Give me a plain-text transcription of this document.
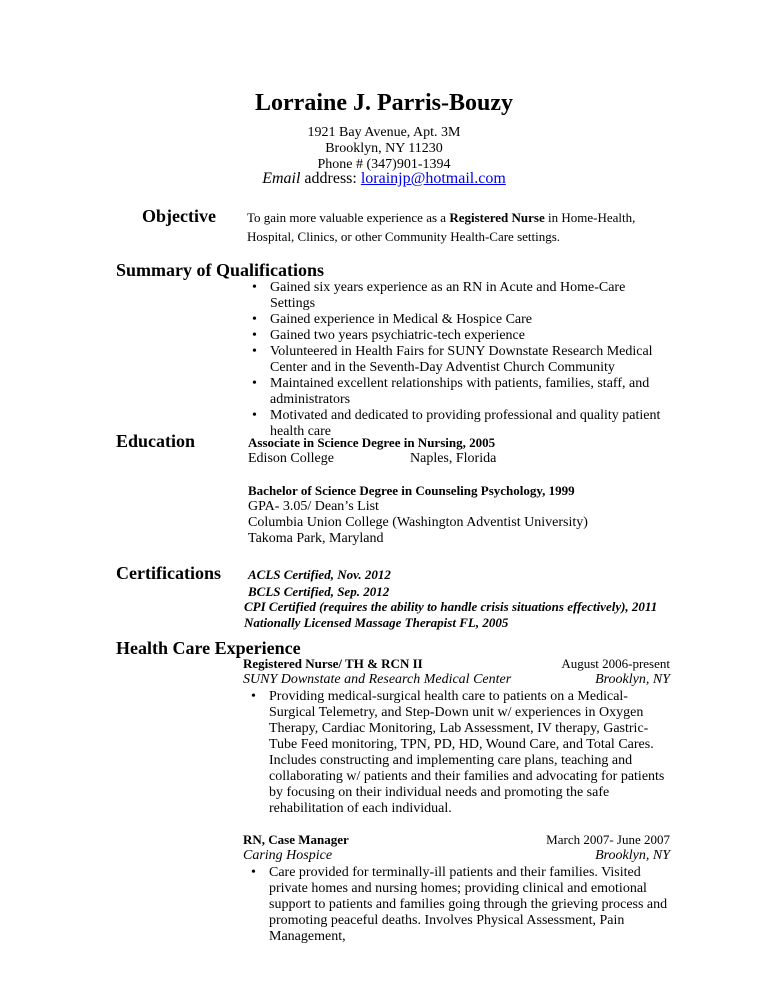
Lorraine J. Parris-Bouzy
1921 Bay Avenue, Apt. 3M
Brooklyn, NY 11230
Phone # (347)901-1394
Email address: lorainjp@hotmail.com
Objective To gain more valuable experience as a Registered Nurse in Home-Health,
Hospital, Clinics, or other Community Health-Care settings.
Summary of Qualifications
• Gained six years experience as an RN in Acute and Home-Care Settings
• Gained experience in Medical & Hospice Care
• Gained two years psychiatric-tech experience
• Volunteered in Health Fairs for SUNY Downstate Research Medical Center and in the Seventh-Day Adventist Church Community
• Maintained excellent relationships with patients, families, staff, and administrators
• Motivated and dedicated to providing professional and quality patient health care
Education	Associate in Science Degree in Nursing, 2005
Edison College	Naples, Florida
Bachelor of Science Degree in Counseling Psychology, 1999
GPA- 3.05/ Dean’s List
Columbia Union College (Washington Adventist University)
Takoma Park, Maryland
Certifications ACLS Certified, Nov. 2012
BCLS Certified, Sep. 2012
CPI Certified (requires the ability to handle crisis situations effectively), 2011
Nationally Licensed Massage Therapist FL, 2005
Health Care Experience
Registered Nurse/ TH & RCN II	August 2006-present
SUNY Downstate and Research Medical Center	Brooklyn, NY
• Providing medical-surgical health care to patients on a Medical-Surgical Telemetry, and Step-Down unit w/ experiences in Oxygen Therapy, Cardiac Monitoring, Lab Assessment, IV therapy, Gastric-Tube Feed monitoring, TPN, PD, HD, Wound Care, and Total Cares. Includes constructing and implementing care plans, teaching and collaborating w/ patients and their families and advocating for patients by focusing on their individual needs and promoting the safe rehabilitation of each individual.
RN, Case Manager	March 2007- June 2007
Caring Hospice	Brooklyn, NY
• Care provided for terminally-ill patients and their families. Visited private homes and nursing homes; providing clinical and emotional support to patients and families going through the grieving process and promoting peaceful deaths. Involves Physical Assessment, Pain Management,
